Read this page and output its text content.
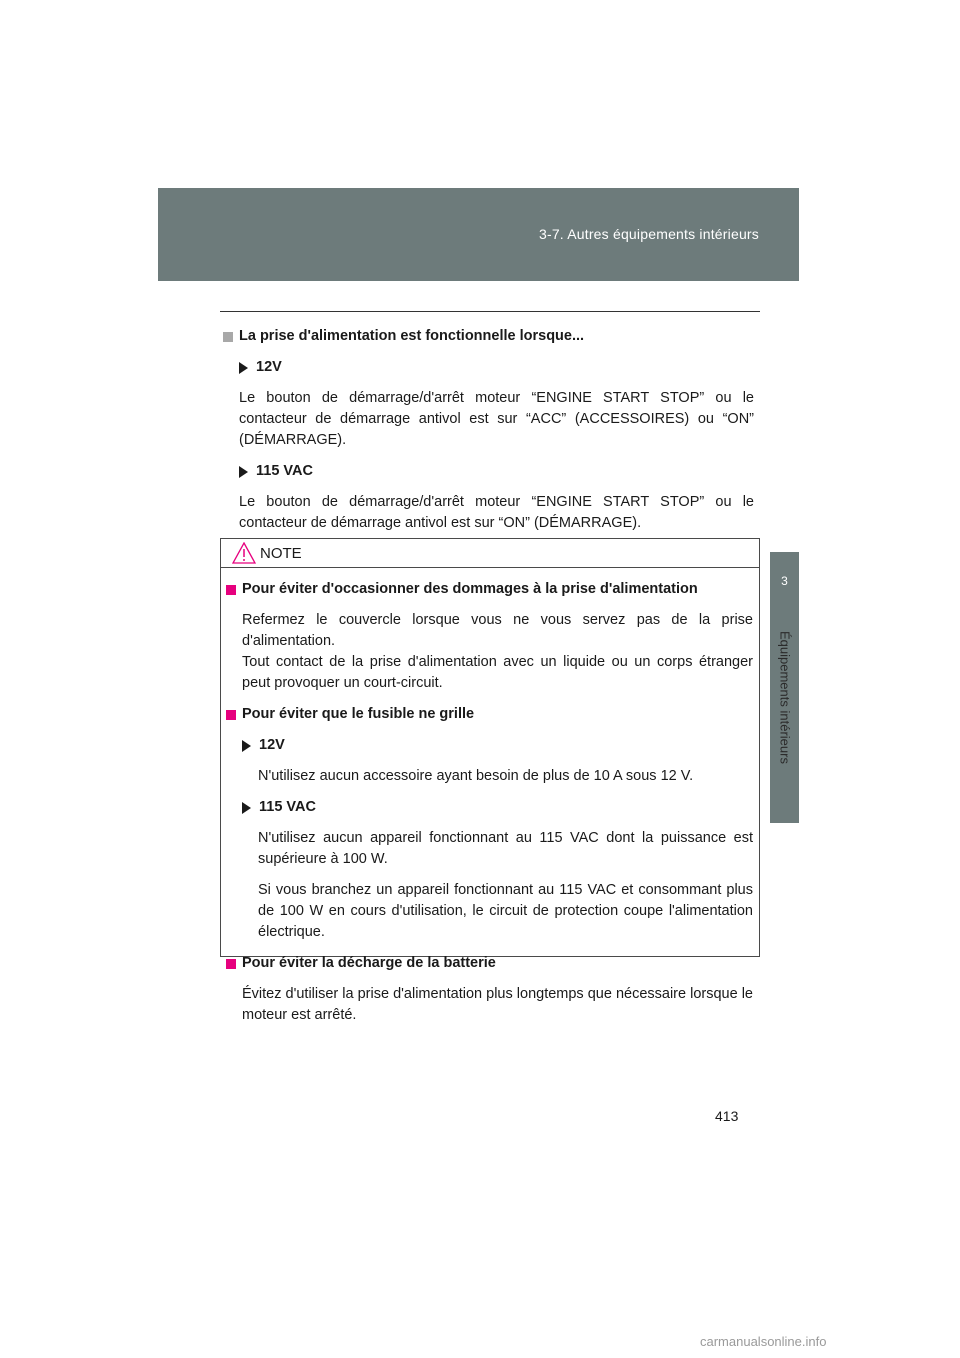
3-7. Autres équipements intérieurs
3
Équipements intérieurs
La prise d'alimentation est fonctionnelle lorsque...
12V
Le bouton de démarrage/d'arrêt moteur “ENGINE START STOP” ou le contacteur de démarrage antivol est sur “ACC” (ACCESSOIRES) ou “ON” (DÉMARRAGE).
115 VAC
Le bouton de démarrage/d'arrêt moteur “ENGINE START STOP” ou le contacteur de démarrage antivol est sur “ON” (DÉMARRAGE).
NOTE
Pour éviter d'occasionner des dommages à la prise d'alimentation
Refermez le couvercle lorsque vous ne vous servez pas de la prise d'alimentation.
Tout contact de la prise d'alimentation avec un liquide ou un corps étranger peut provoquer un court-circuit.
Pour éviter que le fusible ne grille
12V
N'utilisez aucun accessoire ayant besoin de plus de 10 A sous 12 V.
115 VAC
N'utilisez aucun appareil fonctionnant au 115 VAC dont la puissance est supérieure à 100 W.
Si vous branchez un appareil fonctionnant au 115 VAC et consommant plus de 100 W en cours d'utilisation, le circuit de protection coupe l'alimentation électrique.
Pour éviter la décharge de la batterie
Évitez d'utiliser la prise d'alimentation plus longtemps que nécessaire lorsque le moteur est arrêté.
413
carmanualsonline.info
